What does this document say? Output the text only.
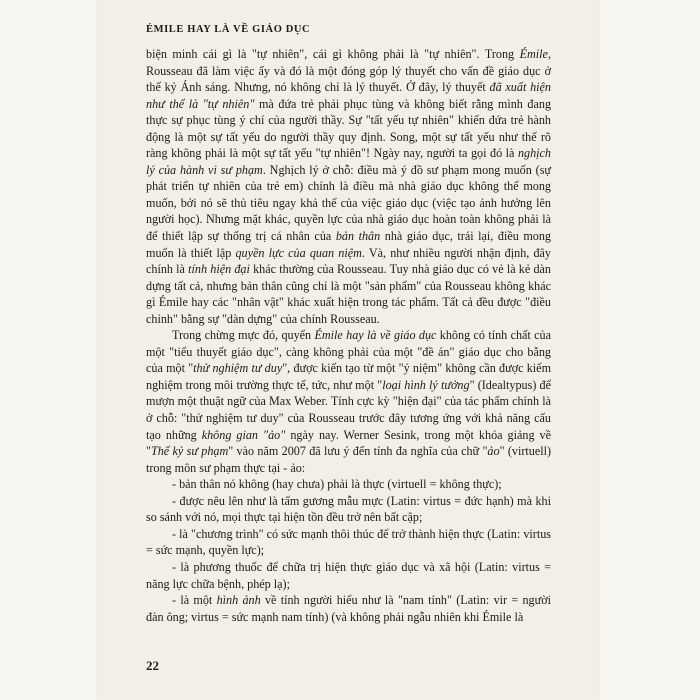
ÉMILE HAY LÀ VỀ GIÁO DỤC

biện minh cái gì là "tự nhiên", cái gì không phải là "tự nhiên". Trong Émile, Rousseau đã làm việc ấy và đó là một đóng góp lý thuyết cho vấn đề giáo dục ở thế kỷ Ánh sáng. Nhưng, nó không chỉ là lý thuyết. Ở đây, lý thuyết đã xuất hiện như thể là "tự nhiên" mà đứa trẻ phải phục tùng và không biết rằng mình đang thực sự phục tùng ý chí của người thầy. Sự "tất yếu tự nhiên" khiến đứa trẻ hành động là một sự tất yếu do người thầy quy định. Song, một sự tất yếu như thế rõ ràng không phải là một sự tất yếu "tự nhiên"! Ngày nay, người ta gọi đó là nghịch lý của hành vi sư phạm. Nghịch lý ở chỗ: điều mà ý đồ sư phạm mong muốn (sự phát triển tự nhiên của trẻ em) chính là điều mà nhà giáo dục không thể mong muốn, bởi nó sẽ thủ tiêu ngay khả thể của việc giáo dục (việc tạo ảnh hưởng lên người học). Nhưng mặt khác, quyền lực của nhà giáo dục hoàn toàn không phải là để thiết lập sự thống trị cá nhân của bản thân nhà giáo dục, trái lại, điều mong muốn là thiết lập quyền lực của quan niệm. Và, như nhiều người nhận định, đây chính là tính hiện đại khác thường của Rousseau. Tuy nhà giáo dục có vẻ là kẻ dàn dựng tất cả, nhưng bản thân cũng chỉ là một "sản phẩm" của Rousseau không khác gì Émile hay các "nhân vật" khác xuất hiện trong tác phẩm. Tất cả đều được "điều chỉnh" bằng sự "dàn dựng" của chính Rousseau.

Trong chừng mực đó, quyển Émile hay là về giáo dục không có tính chất của một "tiểu thuyết giáo dục", càng không phải của một "đề án" giáo dục cho bằng của một "thử nghiệm tư duy", được kiến tạo từ một "ý niệm" không cần được kiểm nghiệm trong môi trường thực tế, tức, như một "loại hình lý tưởng" (Idealtypus) để mượn một thuật ngữ của Max Weber. Tính cực kỳ "hiện đại" của tác phẩm chính là ở chỗ: "thử nghiệm tư duy" của Rousseau trước đây tương ứng với khả năng cấu tạo những không gian "ảo" ngày nay. Werner Sesink, trong một khóa giảng về "Thế kỷ sư phạm" vào năm 2007 đã lưu ý đến tính đa nghĩa của chữ "ảo" (virtuell) trong môn sư phạm thực tại - ảo:

- bản thân nó không (hay chưa) phải là thực (virtuell = không thực);

- được nêu lên như là tấm gương mẫu mực (Latin: virtus = đức hạnh) mà khi so sánh với nó, mọi thực tại hiện tồn đều trở nên bất cập;

- là "chương trình" có sức mạnh thôi thúc để trở thành hiện thực (Latin: virtus = sức mạnh, quyền lực);

- là phương thuốc để chữa trị hiện thực giáo dục và xã hội (Latin: virtus = năng lực chữa bệnh, phép lạ);

- là một hình ảnh về tính người hiểu như là "nam tính" (Latin: vir = người đàn ông; virtus = sức mạnh nam tính) (và không phải ngẫu nhiên khi Émile là

22
